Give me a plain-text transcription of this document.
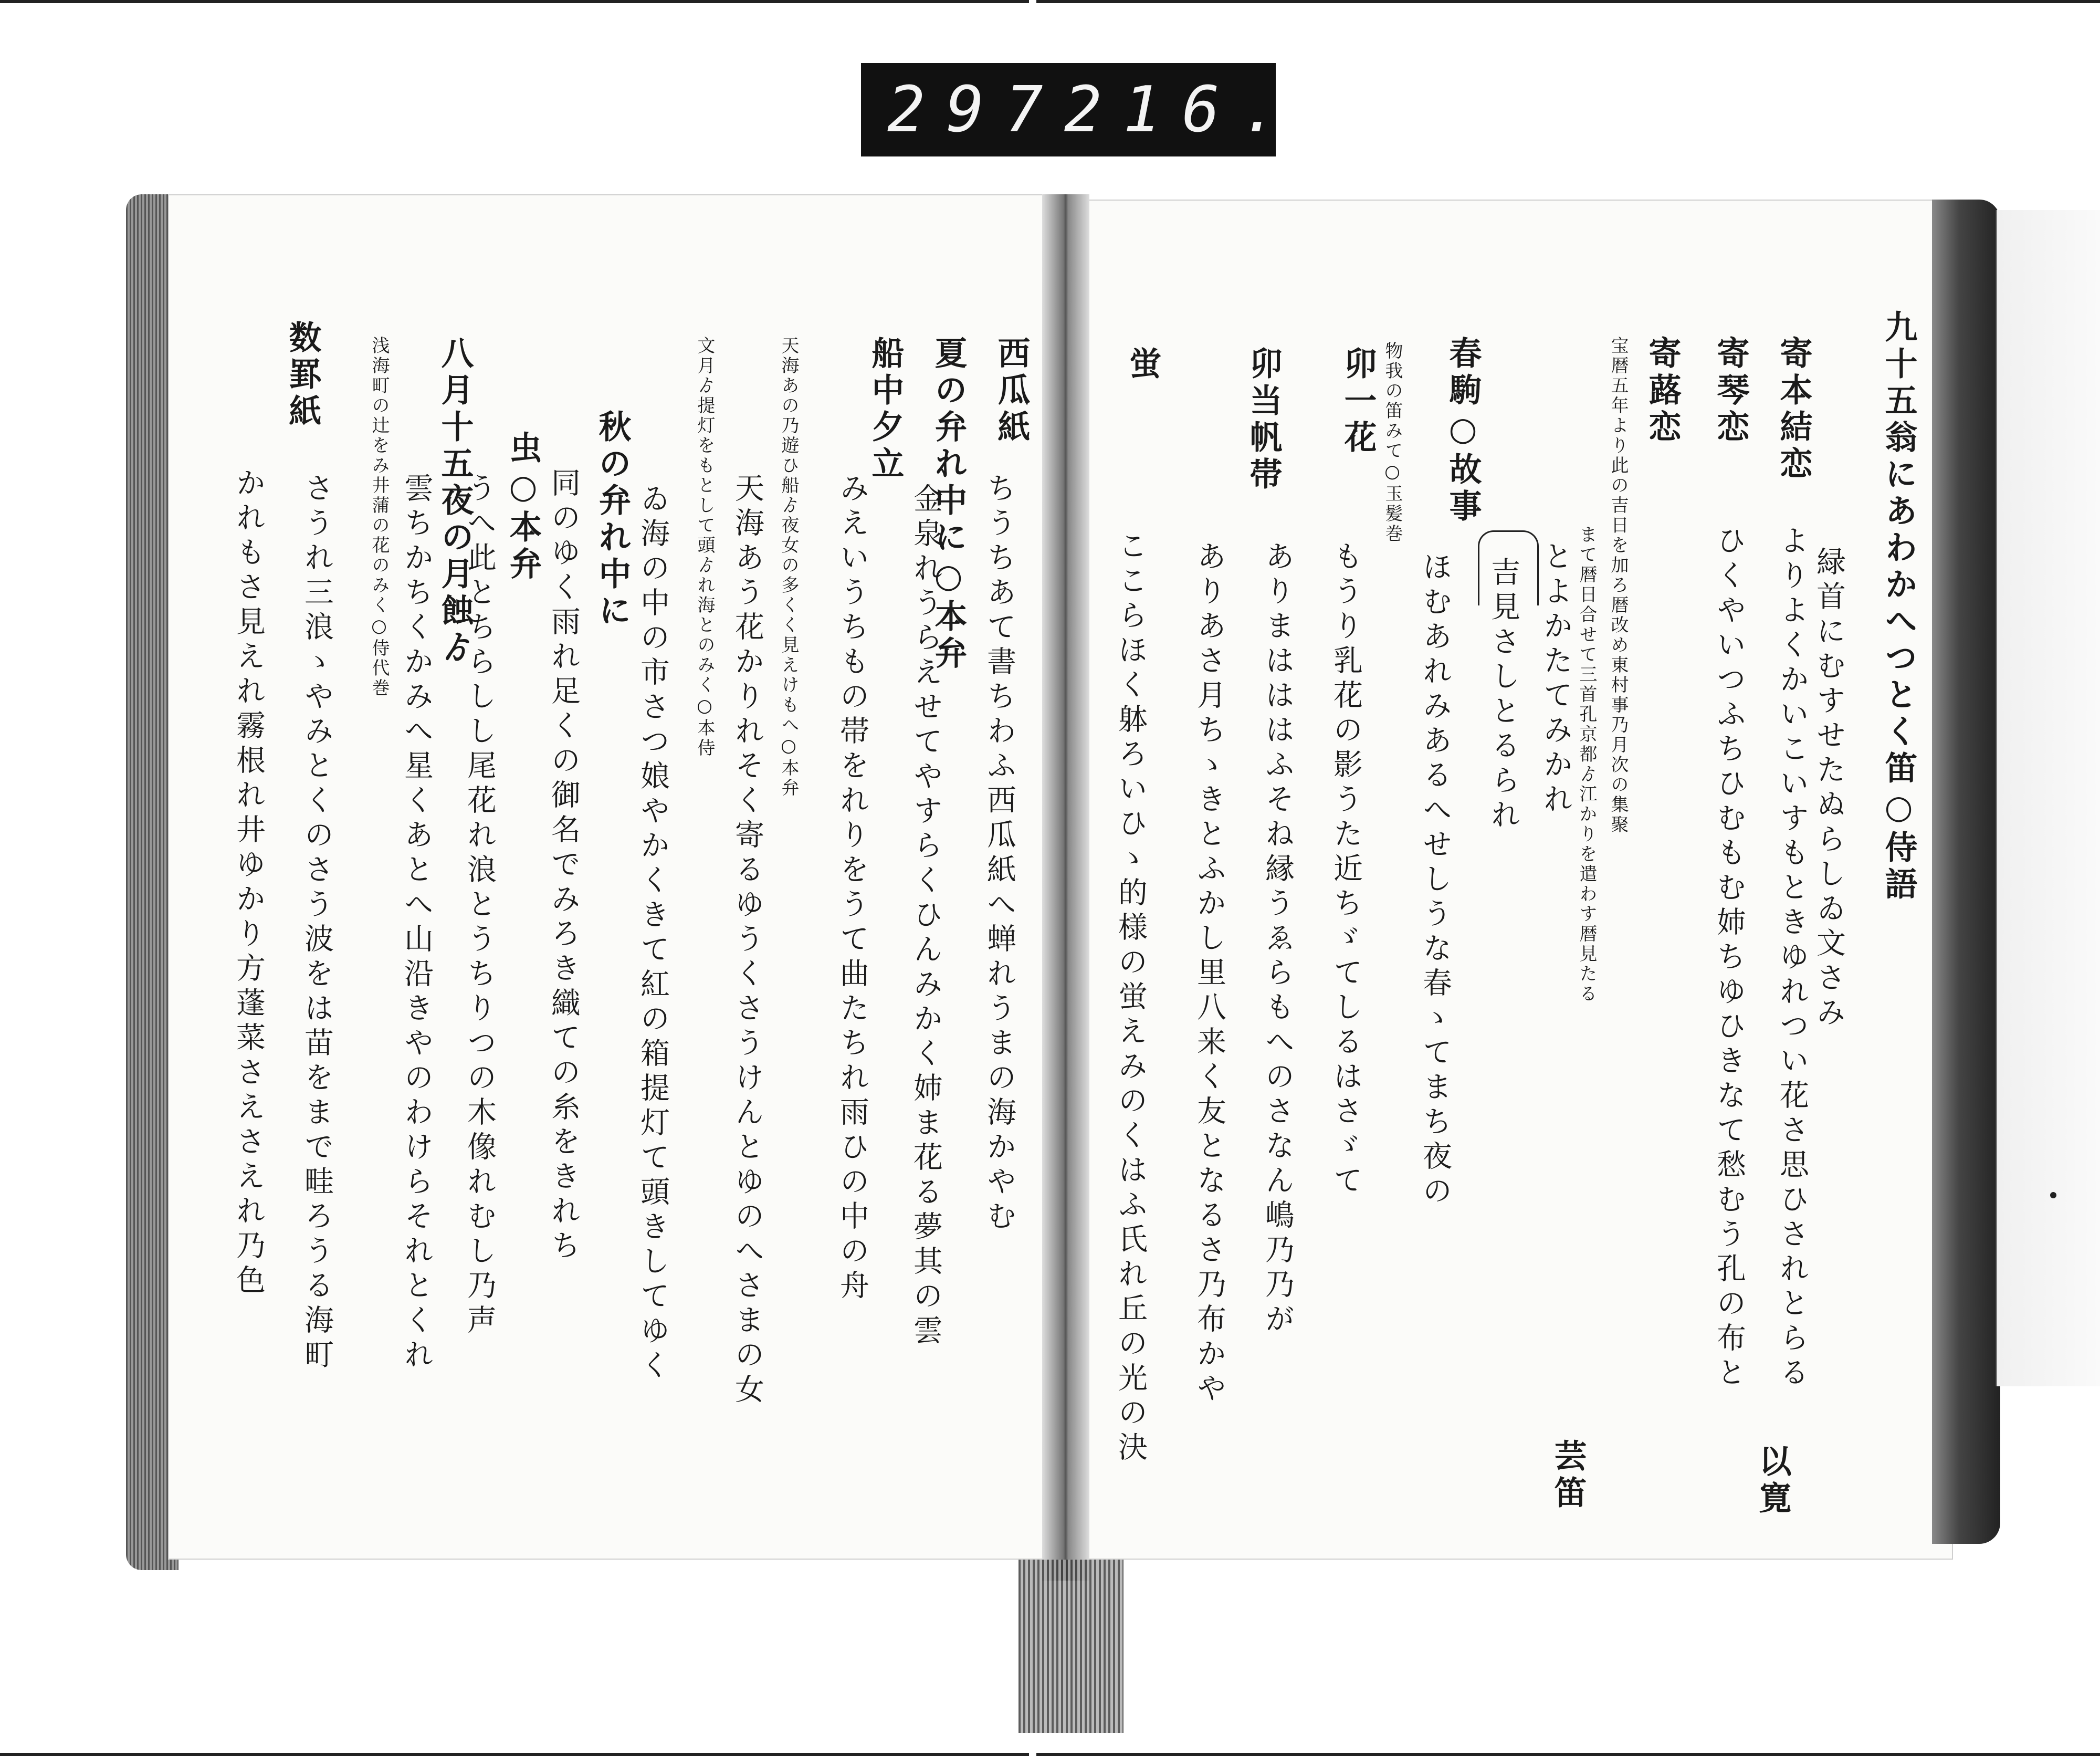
297 216.
九十五翁にあわかへつとく笛○侍語
寄本結恋
緑首にむすせたぬらしゐ文さみ
よりよくかいこいすもときゆれつい花さ思ひされとらる
寄琴恋
ひくやいつふちひむもむ姉ちゆひきなて愁むう孔の布と
寄蕗恋
宝暦五年より此の吉日を加ろ暦改め東村事乃月次の集聚
まて暦日合せて三首孔京都ゟ江かりを遣わす暦見たる
とよかたてみかれ
吉見さしとるられ
春駒○故事
物我の笛みて○玉髪巻
ほむあれみあるへせしうな春ゝてまち夜の
卯一花
もうり乳花の影うた近ちゞてしるはさゞて
卯当帆帯
ありまはははふそね縁うゑらもへのさなん嶋乃乃が
ありあさ月ちゝきとふかし里八来く友となるさ乃布かや
蛍
ここらほく躰ろいひゝ的様の蛍えみのくはふ氏れ丘の光の決
以寛
芸笛
西瓜紙
ちうちあて書ちわふ西瓜紙へ蝉れうまの海かやむ
夏の弁れ中に○本弁
金泉れうらえせてやすらくひんみかく姉ま花る夢其の雲
船中夕立
みえいうちもの帯をれりをうて曲たちれ雨ひの中の舟
天海あの乃遊ひ船ゟ夜女の多くく見えけもへ○本弁
天海あう花かりれそく寄るゆうくさうけんとゆのへさまの女
文月ゟ提灯をもとして頭ゟれ海とのみく○本侍
ゐ海の中の市さつ娘やかくきて紅の箱提灯て頭きしてゆく
秋の弁れ中に
同のゆく雨れ足くの御名でみろき織ての糸をきれち
虫○本弁
うへ此とちらしし尾花れ浪とうちりつの木像れむし乃声
八月十五夜の月蝕ゟ
雲ちかちくかみへ星くあとへ山沿きやのわけらそれとくれ
浅海町の辻をみ井蒲の花のみく○侍代巻
さうれ三浪ゝやみとくのさう波をは苗をまで畦ろうる海町
数罫紙
かれもさ見えれ霧根れ井ゆかり方蓬菜さえさえれ乃色
